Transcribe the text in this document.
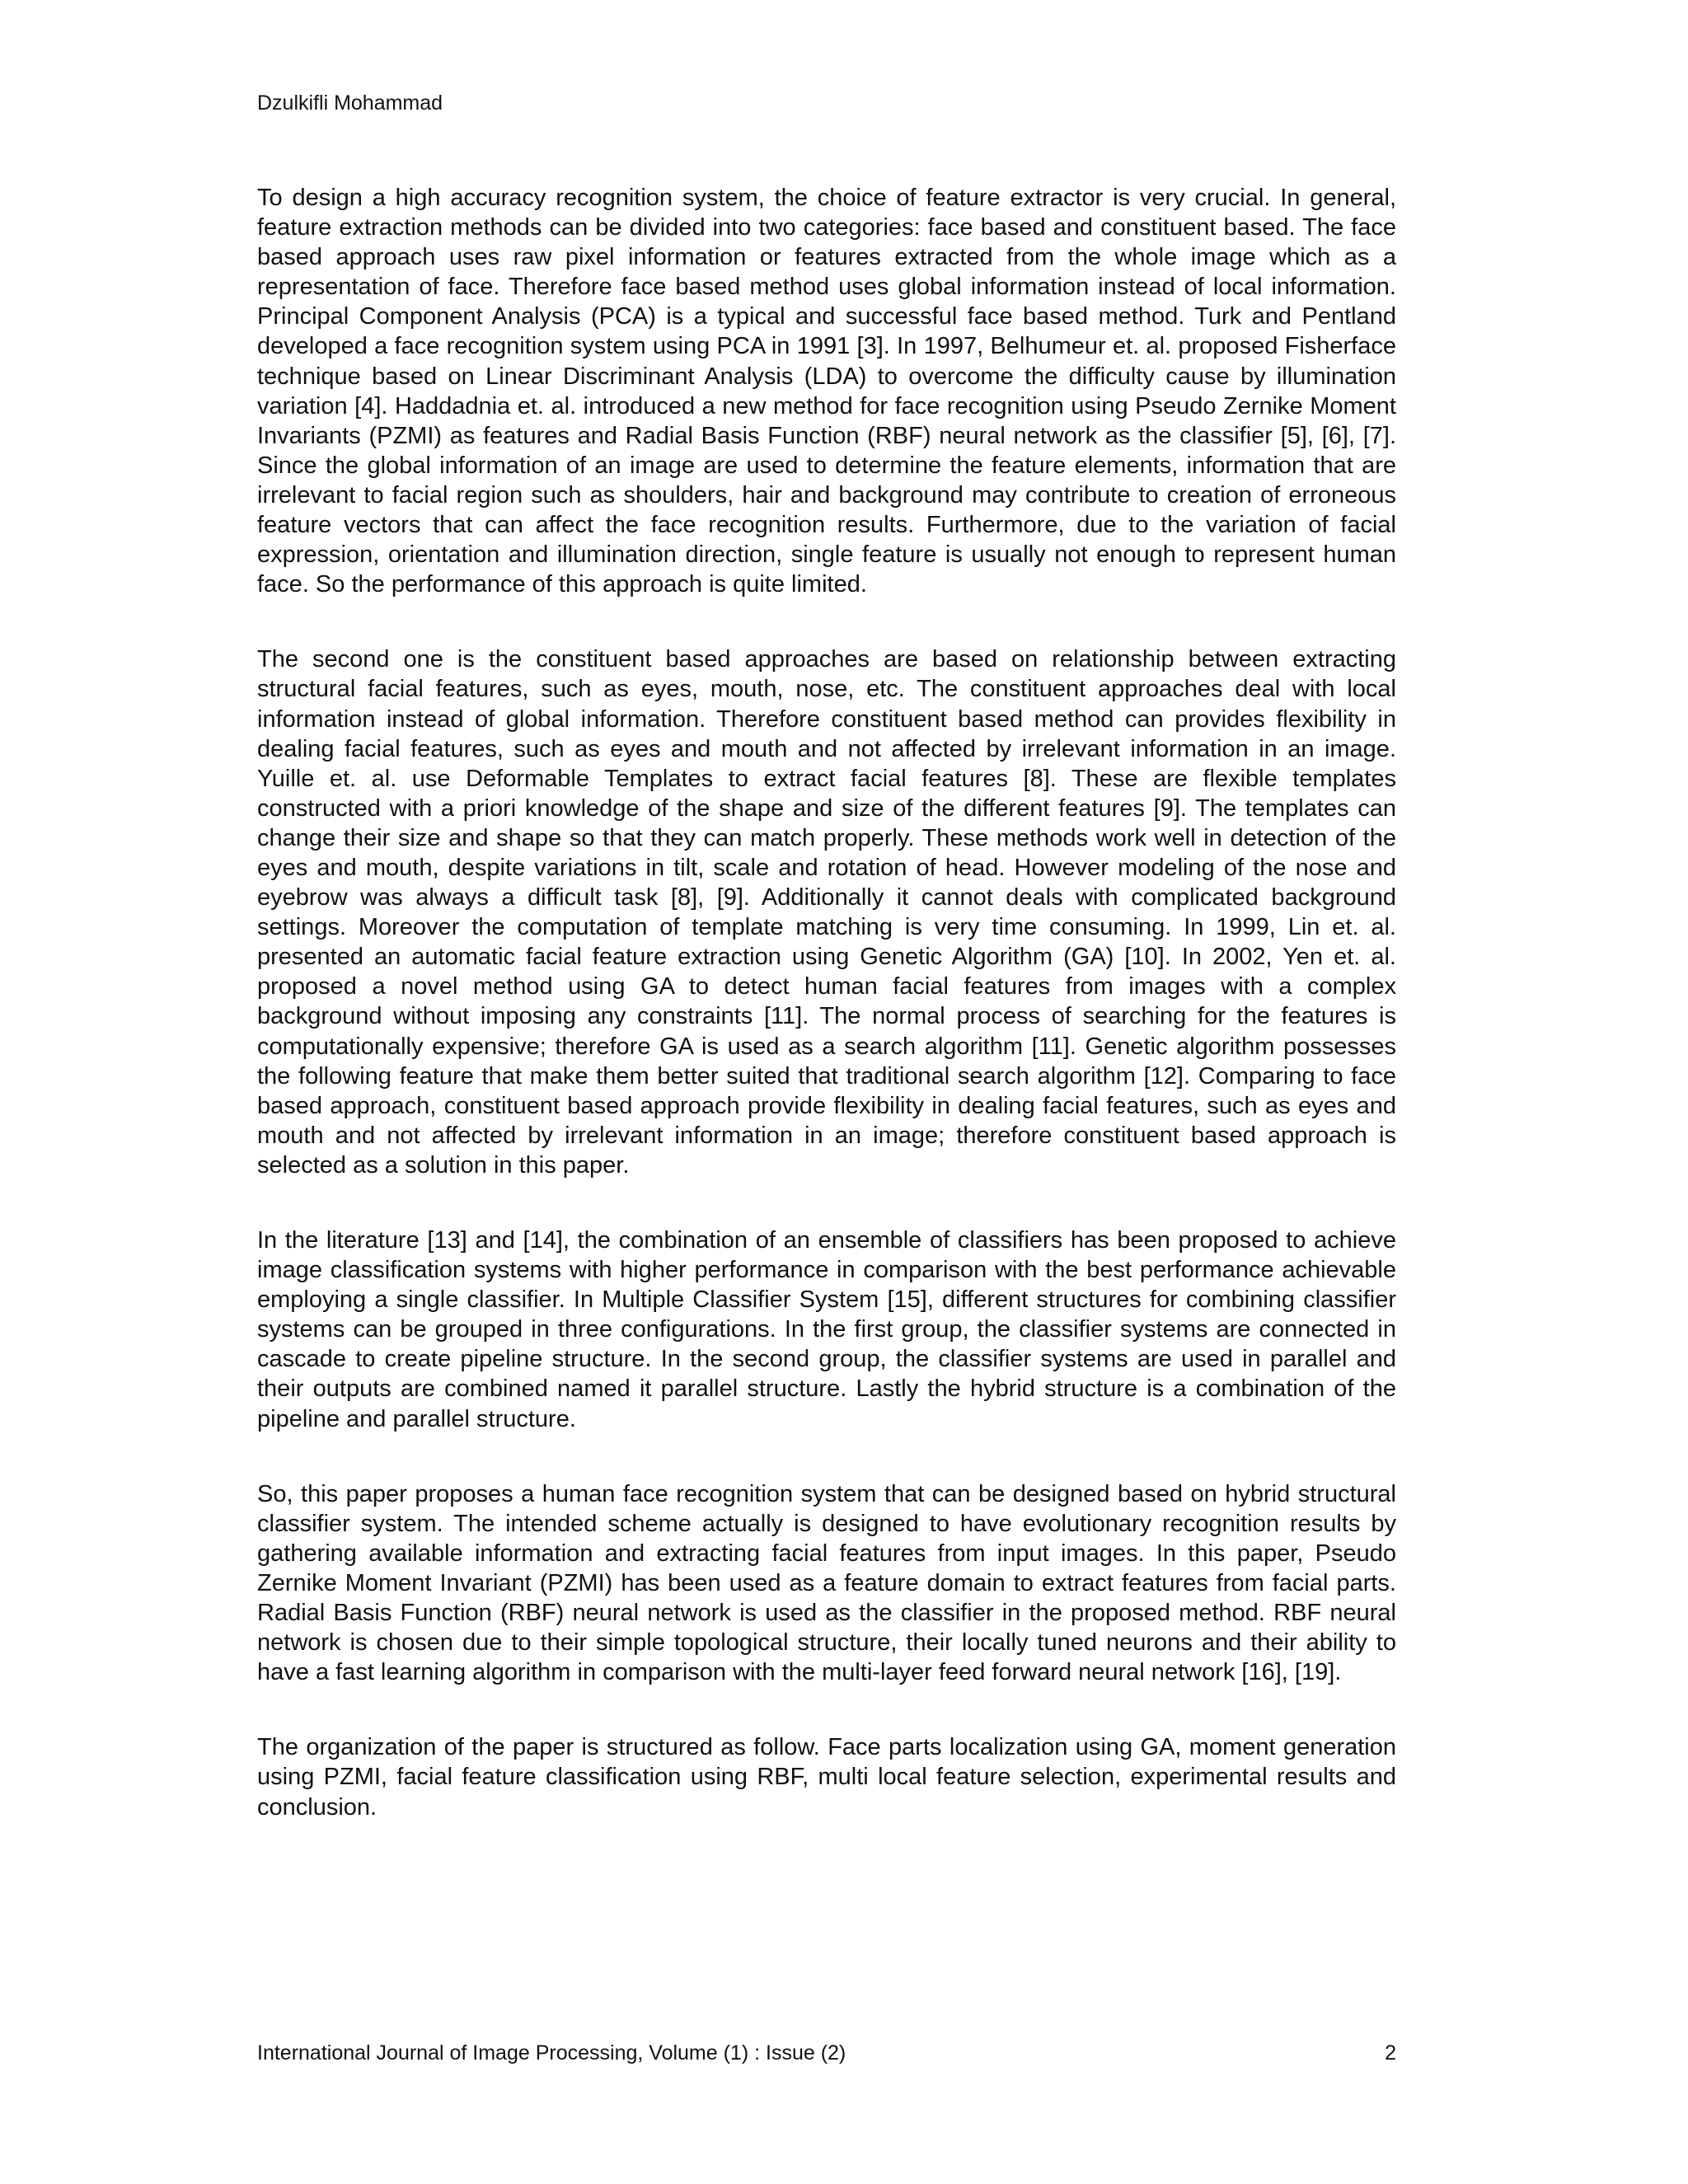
Dzulkifli Mohammad

To design a high accuracy recognition system, the choice of feature extractor is very crucial. In general, feature extraction methods can be divided into two categories: face based and constituent based. The face based approach uses raw pixel information or features extracted from the whole image which as a representation of face. Therefore face based method uses global information instead of local information. Principal Component Analysis (PCA) is a typical and successful face based method. Turk and Pentland developed a face recognition system using PCA in 1991 [3]. In 1997, Belhumeur et. al. proposed Fisherface technique based on Linear Discriminant Analysis (LDA) to overcome the difficulty cause by illumination variation [4]. Haddadnia et. al. introduced a new method for face recognition using Pseudo Zernike Moment Invariants (PZMI) as features and Radial Basis Function (RBF) neural network as the classifier [5], [6], [7]. Since the global information of an image are used to determine the feature elements, information that are irrelevant to facial region such as shoulders, hair and background may contribute to creation of erroneous feature vectors that can affect the face recognition results. Furthermore, due to the variation of facial expression, orientation and illumination direction, single feature is usually not enough to represent human face. So the performance of this approach is quite limited.

The second one is the constituent based approaches are based on relationship between extracting structural facial features, such as eyes, mouth, nose, etc. The constituent approaches deal with local information instead of global information. Therefore constituent based method can provides flexibility in dealing facial features, such as eyes and mouth and not affected by irrelevant information in an image. Yuille et. al. use Deformable Templates to extract facial features [8]. These are flexible templates constructed with a priori knowledge of the shape and size of the different features [9]. The templates can change their size and shape so that they can match properly. These methods work well in detection of the eyes and mouth, despite variations in tilt, scale and rotation of head. However modeling of the nose and eyebrow was always a difficult task [8], [9]. Additionally it cannot deals with complicated background settings. Moreover the computation of template matching is very time consuming. In 1999, Lin et. al. presented an automatic facial feature extraction using Genetic Algorithm (GA) [10]. In 2002, Yen et. al. proposed a novel method using GA to detect human facial features from images with a complex background without imposing any constraints [11]. The normal process of searching for the features is computationally expensive; therefore GA is used as a search algorithm [11]. Genetic algorithm possesses the following feature that make them better suited that traditional search algorithm [12]. Comparing to face based approach, constituent based approach provide flexibility in dealing facial features, such as eyes and mouth and not affected by irrelevant information in an image; therefore constituent based approach is selected as a solution in this paper.

In the literature [13] and [14], the combination of an ensemble of classifiers has been proposed to achieve image classification systems with higher performance in comparison with the best performance achievable employing a single classifier. In Multiple Classifier System [15], different structures for combining classifier systems can be grouped in three configurations. In the first group, the classifier systems are connected in cascade to create pipeline structure. In the second group, the classifier systems are used in parallel and their outputs are combined named it parallel structure. Lastly the hybrid structure is a combination of the pipeline and parallel structure.

So, this paper proposes a human face recognition system that can be designed based on hybrid structural classifier system. The intended scheme actually is designed to have evolutionary recognition results by gathering available information and extracting facial features from input images. In this paper, Pseudo Zernike Moment Invariant (PZMI) has been used as a feature domain to extract features from facial parts. Radial Basis Function (RBF) neural network is used as the classifier in the proposed method. RBF neural network is chosen due to their simple topological structure, their locally tuned neurons and their ability to have a fast learning algorithm in comparison with the multi-layer feed forward neural network [16], [19].

The organization of the paper is structured as follow. Face parts localization using GA, moment generation using PZMI, facial feature classification using RBF, multi local feature selection, experimental results and conclusion.

International Journal of Image Processing, Volume (1) : Issue (2)	2
